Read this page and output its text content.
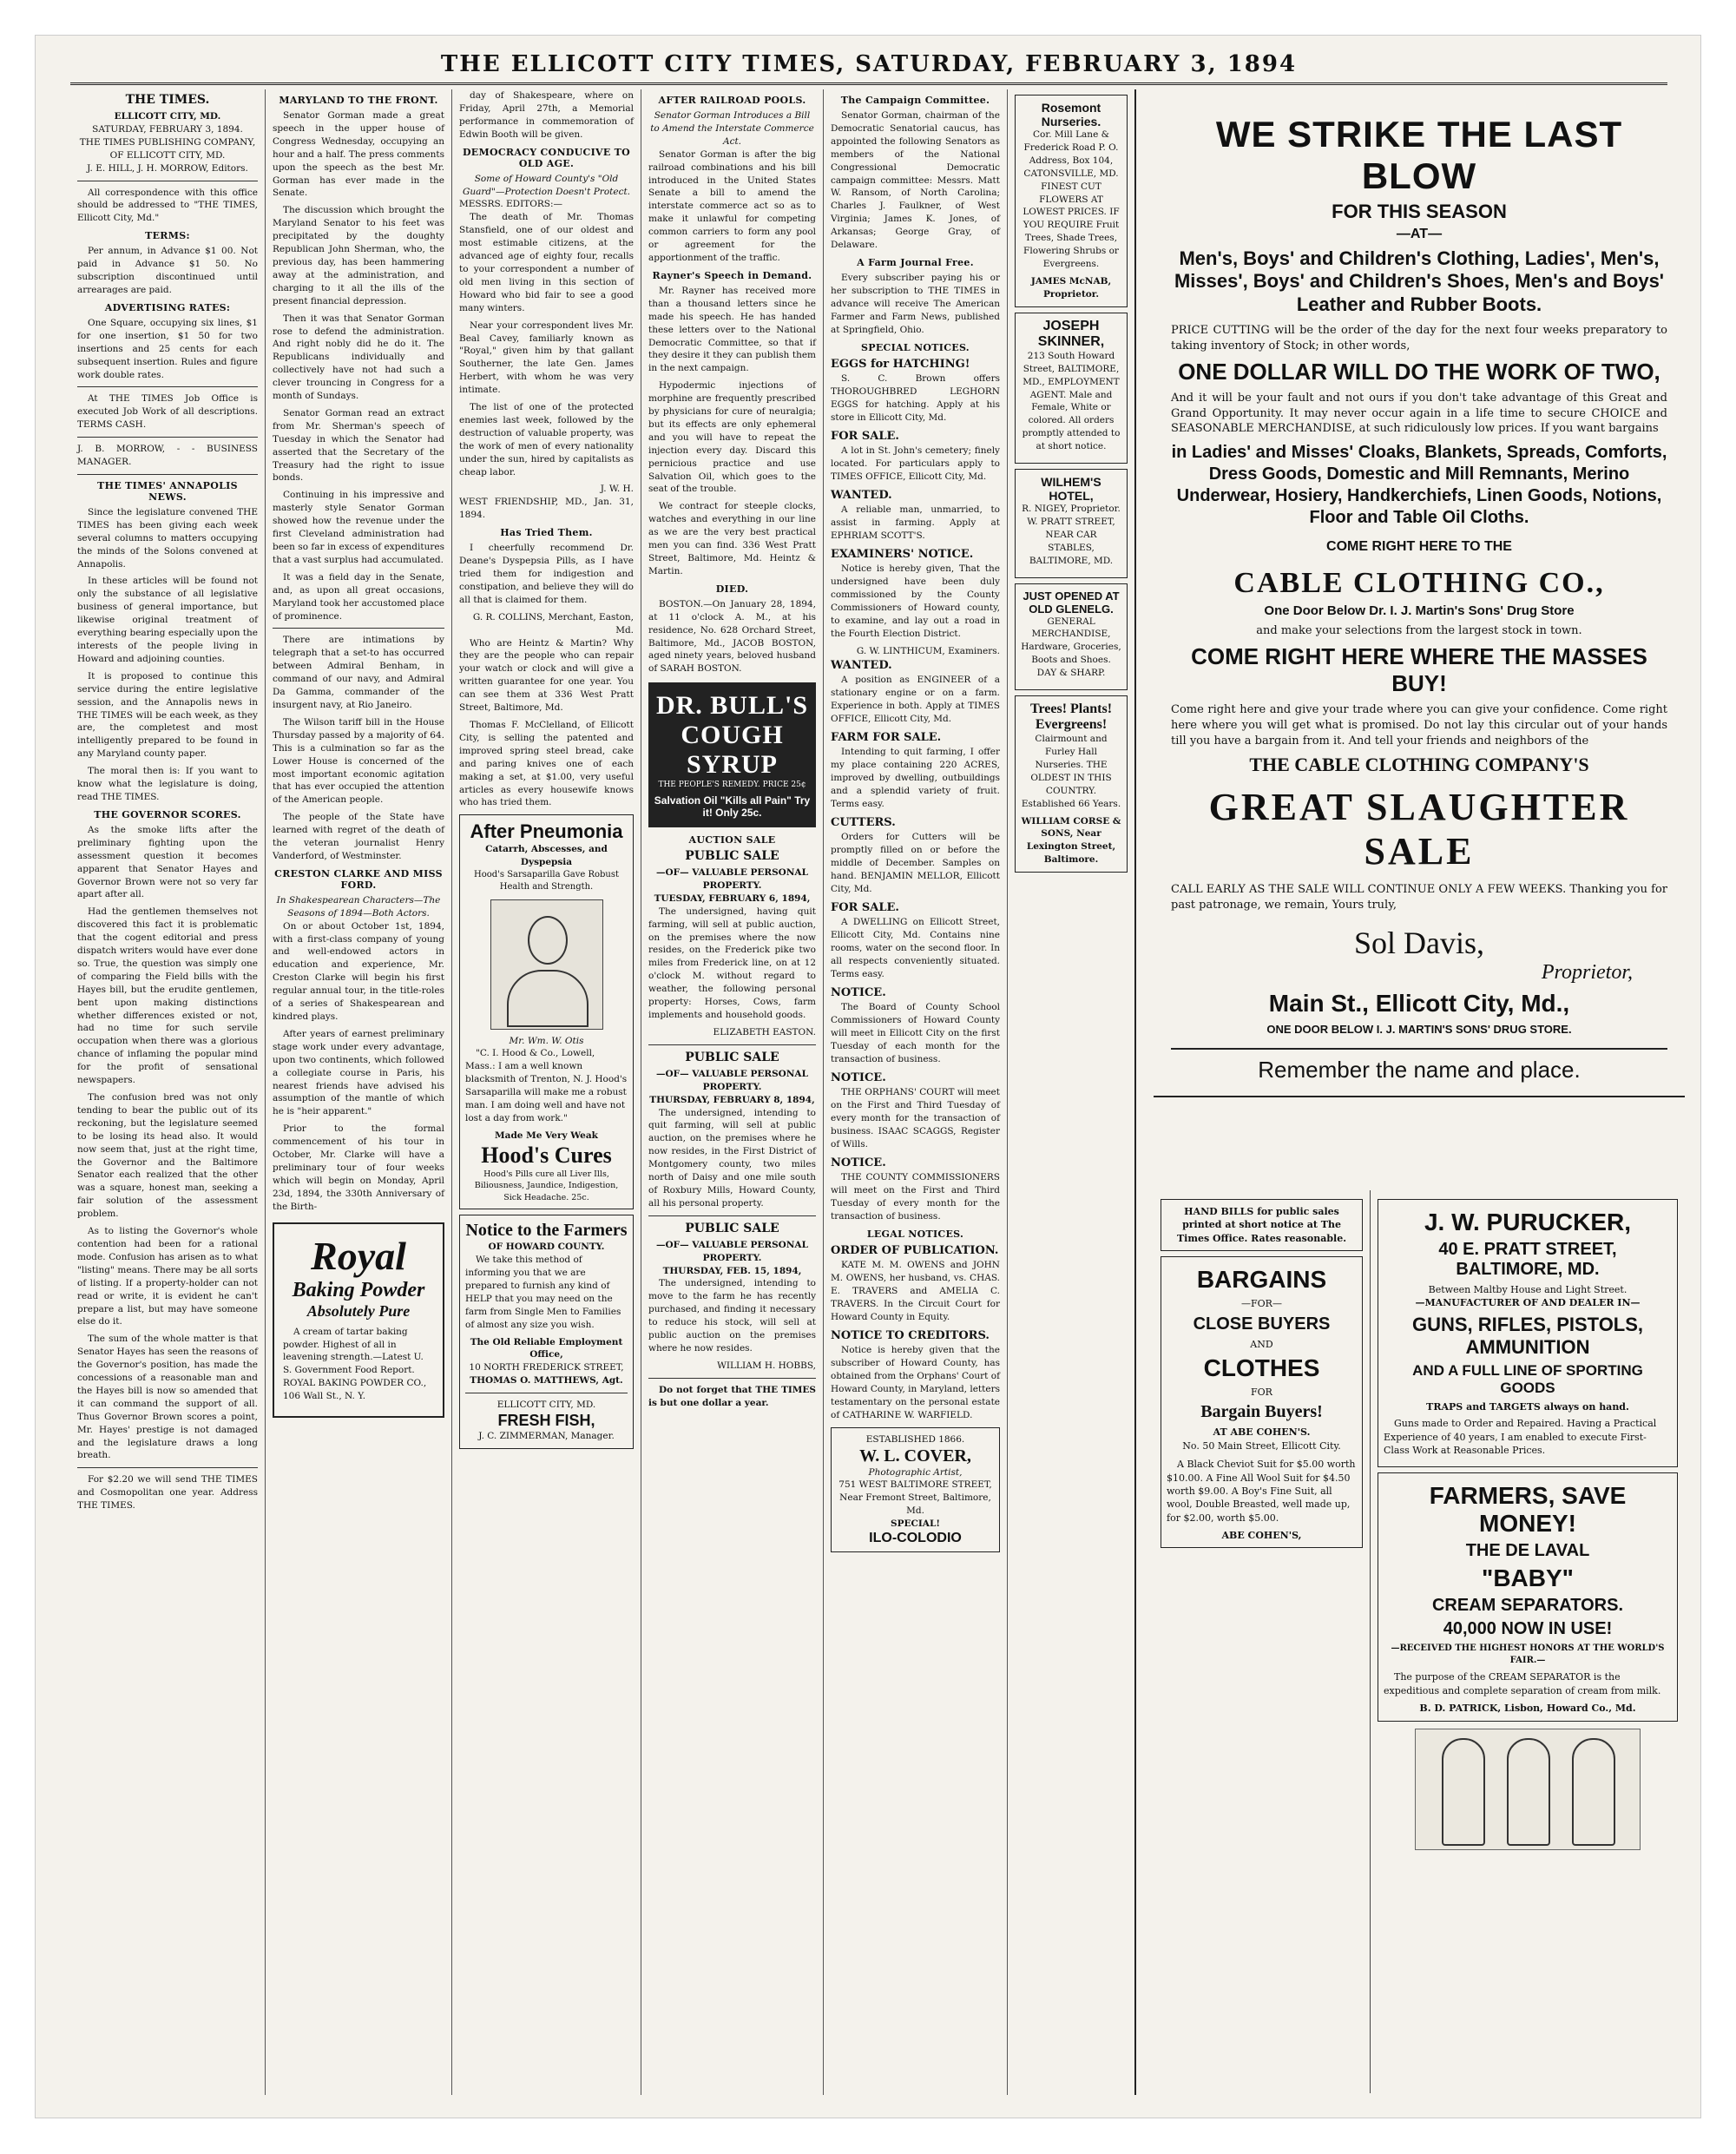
THE ELLICOTT CITY TIMES, SATURDAY, FEBRUARY 3, 1894
THE TIMES.
ELLICOTT CITY, MD.
SATURDAY, FEBRUARY 3, 1894.
THE TIMES PUBLISHING COMPANY, OF ELLICOTT CITY, MD.
J. E. HILL, J. H. MORROW, Editors.

All correspondence with this office should be addressed to "THE TIMES, Ellicott City, Md."

TERMS:

Per annum, in Advance $1 00. Not paid in Advance $1 50. No subscription discontinued until arrearages are paid.

ADVERTISING RATES:

One Square, occupying six lines, $1 for one insertion, $1 50 for two insertions and 25 cents for each subsequent insertion. Rules and figure work double rates.

At THE TIMES Job Office is executed Job Work of all descriptions. TERMS CASH.

J. B. MORROW, - - BUSINESS MANAGER.
THE TIMES' ANNAPOLIS NEWS.

Since the legislature convened THE TIMES has been giving each week several columns to matters occupying the minds of the Solons convened at Annapolis.

In these articles will be found not only the substance of all legislative business of general importance, but likewise original treatment of everything bearing especially upon the interests of the people living in Howard and adjoining counties.

It is proposed to continue this service during the entire legislative session, and the Annapolis news in THE TIMES will be each week, as they are, the completest and most intelligently prepared to be found in any Maryland county paper.

The moral then is: If you want to know what the legislature is doing, read THE TIMES.

THE GOVERNOR SCORES.

As the smoke lifts after the preliminary fighting upon the assessment question it becomes apparent that Senator Hayes and Governor Brown were not so very far apart after all.

Had the gentlemen themselves not discovered this fact it is problematic that the cogent editorial and press dispatch writers would have ever done so. True, the question was simply one of comparing the Field bills with the Hayes bill, but the erudite gentlemen, bent upon making distinctions whether differences existed or not, had no time for such servile occupation when there was a glorious chance of inflaming the popular mind for the profit of sensational newspapers.

The confusion bred was not only tending to bear the public out of its reckoning, but the legislature seemed to be losing its head also. It would now seem that, just at the right time, the Governor and the Baltimore Senator each realized that the other was a square, honest man, seeking a fair solution of the assessment problem.

As to listing the Governor's whole contention had been for a rational mode. Confusion has arisen as to what "listing" means. There may be all sorts of listing. If a property-holder can not read or write, it is evident he can't prepare a list, but may have someone else do it.

The sum of the whole matter is that Senator Hayes has seen the reasons of the Governor's position, has made the concessions of a reasonable man and the Hayes bill is now so amended that it can command the support of all. Thus Governor Brown scores a point, Mr. Hayes' prestige is not damaged and the legislature draws a long breath.

For $2.20 we will send THE TIMES and Cosmopolitan one year. Address THE TIMES.

MARYLAND TO THE FRONT.

Senator Gorman made a great speech in the upper house of Congress Wednesday, occupying an hour and a half. The press comments upon the speech as the best Mr. Gorman has ever made in the Senate.

The discussion which brought the Maryland Senator to his feet was precipitated by the doughty Republican John Sherman, who, the previous day, has been hammering away at the administration, and charging to it all the ills of the present financial depression.

Then it was that Senator Gorman rose to defend the administration. And right nobly did he do it. The Republicans individually and collectively have not had such a clever trouncing in Congress for a month of Sundays.

Senator Gorman read an extract from Mr. Sherman's speech of Tuesday in which the Senator had asserted that the Secretary of the Treasury had the right to issue bonds.

Continuing in his impressive and masterly style Senator Gorman showed how the revenue under the first Cleveland administration had been so far in excess of expenditures that a vast surplus had accumulated.

It was a field day in the Senate, and, as upon all great occasions, Maryland took her accustomed place of prominence.

There are intimations by telegraph that a set-to has occurred between Admiral Benham, in command of our navy, and Admiral Da Gamma, commander of the insurgent navy, at Rio Janeiro.

The Wilson tariff bill in the House Thursday passed by a majority of 64. This is a culmination so far as the Lower House is concerned of the most important economic agitation that has ever occupied the attention of the American people.

The people of the State have learned with regret of the death of the veteran journalist Henry Vanderford, of Westminster.

CRESTON CLARKE AND MISS FORD.
In Shakespearean Characters—The Seasons of 1894—Both Actors.

On or about October 1st, 1894, with a first-class company of young and well-endowed actors in education and experience, Mr. Creston Clarke will begin his first regular annual tour, in the title-roles of a series of Shakespearean and kindred plays.

After years of earnest preliminary stage work under every advantage, upon two continents, which followed a collegiate course in Paris, his nearest friends have advised his assumption of the mantle of which he is "heir apparent."

Prior to the formal commencement of his tour in October, Mr. Clarke will have a preliminary tour of four weeks which will begin on Monday, April 23d, 1894, the 330th Anniversary of the Birth-

Royal
Baking Powder
Absolutely Pure

A cream of tartar baking powder. Highest of all in leavening strength.—Latest U. S. Government Food Report. ROYAL BAKING POWDER CO., 106 Wall St., N. Y.

day of Shakespeare, where on Friday, April 27th, a Memorial performance in commemoration of Edwin Booth will be given.

DEMOCRACY CONDUCIVE TO OLD AGE.
Some of Howard County's "Old Guard"—Protection Doesn't Protect.
MESSRS. EDITORS:—

The death of Mr. Thomas Stansfield, one of our oldest and most estimable citizens, at the advanced age of eighty four, recalls to your correspondent a number of old men living in this section of Howard who bid fair to see a good many winters.

Near your correspondent lives Mr. Beal Cavey, familiarly known as "Royal," given him by that gallant Southerner, the late Gen. James Herbert, with whom he was very intimate.

The list of one of the protected enemies last week, followed by the destruction of valuable property, was the work of men of every nationality under the sun, hired by capitalists as cheap labor.

J. W. H.
WEST FRIENDSHIP, MD., Jan. 31, 1894.
Has Tried Them.

I cheerfully recommend Dr. Deane's Dyspepsia Pills, as I have tried them for indigestion and constipation, and believe they will do all that is claimed for them.

G. R. COLLINS, Merchant, Easton, Md.

Who are Heintz & Martin? Why they are the people who can repair your watch or clock and will give a written guarantee for one year. You can see them at 336 West Pratt Street, Baltimore, Md.

Thomas F. McClelland, of Ellicott City, is selling the patented and improved spring steel bread, cake and paring knives one of each making a set, at $1.00, very useful articles as every housewife knows who has tried them.

After Pneumonia
Catarrh, Abscesses, and Dyspepsia
Hood's Sarsaparilla Gave Robust Health and Strength.
Mr. Wm. W. Otis

"C. I. Hood & Co., Lowell, Mass.: I am a well known blacksmith of Trenton, N. J. Hood's Sarsaparilla will make me a robust man. I am doing well and have not lost a day from work."

Made Me Very Weak
Hood's Cures
Hood's Pills cure all Liver Ills, Biliousness, Jaundice, Indigestion, Sick Headache. 25c.
Notice to the Farmers
OF HOWARD COUNTY.

We take this method of informing you that we are prepared to furnish any kind of HELP that you may need on the farm from Single Men to Families of almost any size you wish.

The Old Reliable Employment Office,
10 NORTH FREDERICK STREET,
THOMAS O. MATTHEWS, Agt.
ELLICOTT CITY, MD.
FRESH FISH,
J. C. ZIMMERMAN, Manager.
AFTER RAILROAD POOLS.
Senator Gorman Introduces a Bill to Amend the Interstate Commerce Act.

Senator Gorman is after the big railroad combinations and his bill introduced in the United States Senate a bill to amend the interstate commerce act so as to make it unlawful for competing common carriers to form any pool or agreement for the apportionment of the traffic.

Rayner's Speech in Demand.

Mr. Rayner has received more than a thousand letters since he made his speech. He has handed these letters over to the National Democratic Committee, so that if they desire it they can publish them in the next campaign.

Hypodermic injections of morphine are frequently prescribed by physicians for cure of neuralgia; but its effects are only ephemeral and you will have to repeat the injection every day. Discard this pernicious practice and use Salvation Oil, which goes to the seat of the trouble.

We contract for steeple clocks, watches and everything in our line as we are the very best practical men you can find. 336 West Pratt Street, Baltimore, Md. Heintz & Martin.

DIED.

BOSTON.—On January 28, 1894, at 11 o'clock A. M., at his residence, No. 628 Orchard Street, Baltimore, Md., JACOB BOSTON, aged ninety years, beloved husband of SARAH BOSTON.

DR. BULL'S
COUGH SYRUP
THE PEOPLE'S REMEDY. PRICE 25¢
Salvation Oil "Kills all Pain" Try it! Only 25c.
AUCTION SALE
PUBLIC SALE
—OF— VALUABLE PERSONAL PROPERTY.
TUESDAY, FEBRUARY 6, 1894,

The undersigned, having quit farming, will sell at public auction, on the premises where the now resides, on the Frederick pike two miles from Frederick line, on at 12 o'clock M. without regard to weather, the following personal property: Horses, Cows, farm implements and household goods.

ELIZABETH EASTON.
PUBLIC SALE
—OF— VALUABLE PERSONAL PROPERTY.
THURSDAY, FEBRUARY 8, 1894,

The undersigned, intending to quit farming, will sell at public auction, on the premises where he now resides, in the First District of Montgomery county, two miles north of Daisy and one mile south of Roxbury Mills, Howard County, all his personal property.

PUBLIC SALE
—OF— VALUABLE PERSONAL PROPERTY.
THURSDAY, FEB. 15, 1894,

The undersigned, intending to move to the farm he has recently purchased, and finding it necessary to reduce his stock, will sell at public auction on the premises where he now resides.

WILLIAM H. HOBBS,

Do not forget that THE TIMES is but one dollar a year.

The Campaign Committee.

Senator Gorman, chairman of the Democratic Senatorial caucus, has appointed the following Senators as members of the National Congressional Democratic campaign committee: Messrs. Matt W. Ransom, of North Carolina; Charles J. Faulkner, of West Virginia; James K. Jones, of Arkansas; George Gray, of Delaware.

A Farm Journal Free.

Every subscriber paying his or her subscription to THE TIMES in advance will receive The American Farmer and Farm News, published at Springfield, Ohio.

SPECIAL NOTICES.
EGGS for HATCHING!

S. C. Brown offers THOROUGHBRED LEGHORN EGGS for hatching. Apply at his store in Ellicott City, Md.

FOR SALE.

A lot in St. John's cemetery; finely located. For particulars apply to TIMES OFFICE, Ellicott City, Md.

WANTED.

A reliable man, unmarried, to assist in farming. Apply at EPHRIAM SCOTT'S.

EXAMINERS' NOTICE.

Notice is hereby given, That the undersigned have been duly commissioned by the County Commissioners of Howard county, to examine, and lay out a road in the Fourth Election District.

G. W. LINTHICUM, Examiners.
WANTED.

A position as ENGINEER of a stationary engine or on a farm. Experience in both. Apply at TIMES OFFICE, Ellicott City, Md.

FARM FOR SALE.

Intending to quit farming, I offer my place containing 220 ACRES, improved by dwelling, outbuildings and a splendid variety of fruit. Terms easy.

CUTTERS.

Orders for Cutters will be promptly filled on or before the middle of December. Samples on hand. BENJAMIN MELLOR, Ellicott City, Md.

FOR SALE.

A DWELLING on Ellicott Street, Ellicott City, Md. Contains nine rooms, water on the second floor. In all respects conveniently situated. Terms easy.

NOTICE.

The Board of County School Commissioners of Howard County will meet in Ellicott City on the first Tuesday of each month for the transaction of business.

NOTICE.

THE ORPHANS' COURT will meet on the First and Third Tuesday of every month for the transaction of business. ISAAC SCAGGS, Register of Wills.

NOTICE.

THE COUNTY COMMISSIONERS will meet on the First and Third Tuesday of every month for the transaction of business.

LEGAL NOTICES.
ORDER OF PUBLICATION.

KATE M. M. OWENS and JOHN M. OWENS, her husband, vs. CHAS. E. TRAVERS and AMELIA C. TRAVERS. In the Circuit Court for Howard County in Equity.

NOTICE TO CREDITORS.

Notice is hereby given that the subscriber of Howard County, has obtained from the Orphans' Court of Howard County, in Maryland, letters testamentary on the personal estate of CATHARINE W. WARFIELD.

ESTABLISHED 1866.
W. L. COVER,
Photographic Artist,
751 WEST BALTIMORE STREET, Near Fremont Street, Baltimore, Md.
SPECIAL!
ILO-COLODIO
Rosemont Nurseries.

Cor. Mill Lane & Frederick Road P. O. Address, Box 104, CATONSVILLE, MD. FINEST CUT FLOWERS AT LOWEST PRICES. IF YOU REQUIRE Fruit Trees, Shade Trees, Flowering Shrubs or Evergreens.

JAMES McNAB, Proprietor.
JOSEPH SKINNER,

213 South Howard Street, BALTIMORE, MD., EMPLOYMENT AGENT. Male and Female, White or colored. All orders promptly attended to at short notice.

WILHEM'S HOTEL,

R. NIGEY, Proprietor. W. PRATT STREET, NEAR CAR STABLES, BALTIMORE, MD.

JUST OPENED AT OLD GLENELG.

GENERAL MERCHANDISE, Hardware, Groceries, Boots and Shoes. DAY & SHARP.

Trees! Plants! Evergreens!

Clairmount and Furley Hall Nurseries. THE OLDEST IN THIS COUNTRY. Established 66 Years.

WILLIAM CORSE & SONS, Near Lexington Street, Baltimore.
WE STRIKE THE LAST BLOW
FOR THIS SEASON
—AT—
Men's, Boys' and Children's Clothing, Ladies', Men's, Misses', Boys' and Children's Shoes, Men's and Boys' Leather and Rubber Boots.
PRICE CUTTING will be the order of the day for the next four weeks preparatory to taking inventory of Stock; in other words,
ONE DOLLAR WILL DO THE WORK OF TWO,
And it will be your fault and not ours if you don't take advantage of this Great and Grand Opportunity. It may never occur again in a life time to secure CHOICE and SEASONABLE MERCHANDISE, at such ridiculously low prices. If you want bargains
in Ladies' and Misses' Cloaks, Blankets, Spreads, Comforts, Dress Goods, Domestic and Mill Remnants, Merino Underwear, Hosiery, Handkerchiefs, Linen Goods, Notions, Floor and Table Oil Cloths.
COME RIGHT HERE TO THE
CABLE CLOTHING CO.,
One Door Below Dr. I. J. Martin's Sons' Drug Store
and make your selections from the largest stock in town.
COME RIGHT HERE WHERE THE MASSES BUY!
Come right here and give your trade where you can give your confidence. Come right here where you will get what is promised. Do not lay this circular out of your hands till you have a bargain from it. And tell your friends and neighbors of the
THE CABLE CLOTHING COMPANY'S
GREAT SLAUGHTER SALE
CALL EARLY AS THE SALE WILL CONTINUE ONLY A FEW WEEKS. Thanking you for past patronage, we remain, Yours truly,
Sol Davis,
Proprietor,
Main St., Ellicott City, Md.,
ONE DOOR BELOW I. J. MARTIN'S SONS' DRUG STORE.
Remember the name and place.
HAND BILLS for public sales printed at short notice at The Times Office. Rates reasonable.
BARGAINS
—FOR—
CLOSE BUYERS
AND
CLOTHES
FOR
Bargain Buyers!
AT ABE COHEN'S.
No. 50 Main Street, Ellicott City.

A Black Cheviot Suit for $5.00 worth $10.00. A Fine All Wool Suit for $4.50 worth $9.00. A Boy's Fine Suit, all wool, Double Breasted, well made up, for $2.00, worth $5.00.

ABE COHEN'S,
J. W. PURUCKER,
40 E. PRATT STREET, BALTIMORE, MD.
Between Maltby House and Light Street.
—MANUFACTURER OF AND DEALER IN—
GUNS, RIFLES, PISTOLS, AMMUNITION
AND A FULL LINE OF SPORTING GOODS
TRAPS and TARGETS always on hand.

Guns made to Order and Repaired. Having a Practical Experience of 40 years, I am enabled to execute First-Class Work at Reasonable Prices.

FARMERS, SAVE MONEY!
THE DE LAVAL
"BABY"
CREAM SEPARATORS.
40,000 NOW IN USE!
—RECEIVED THE HIGHEST HONORS AT THE WORLD'S FAIR.—

The purpose of the CREAM SEPARATOR is the expeditious and complete separation of cream from milk.

B. D. PATRICK, Lisbon, Howard Co., Md.
